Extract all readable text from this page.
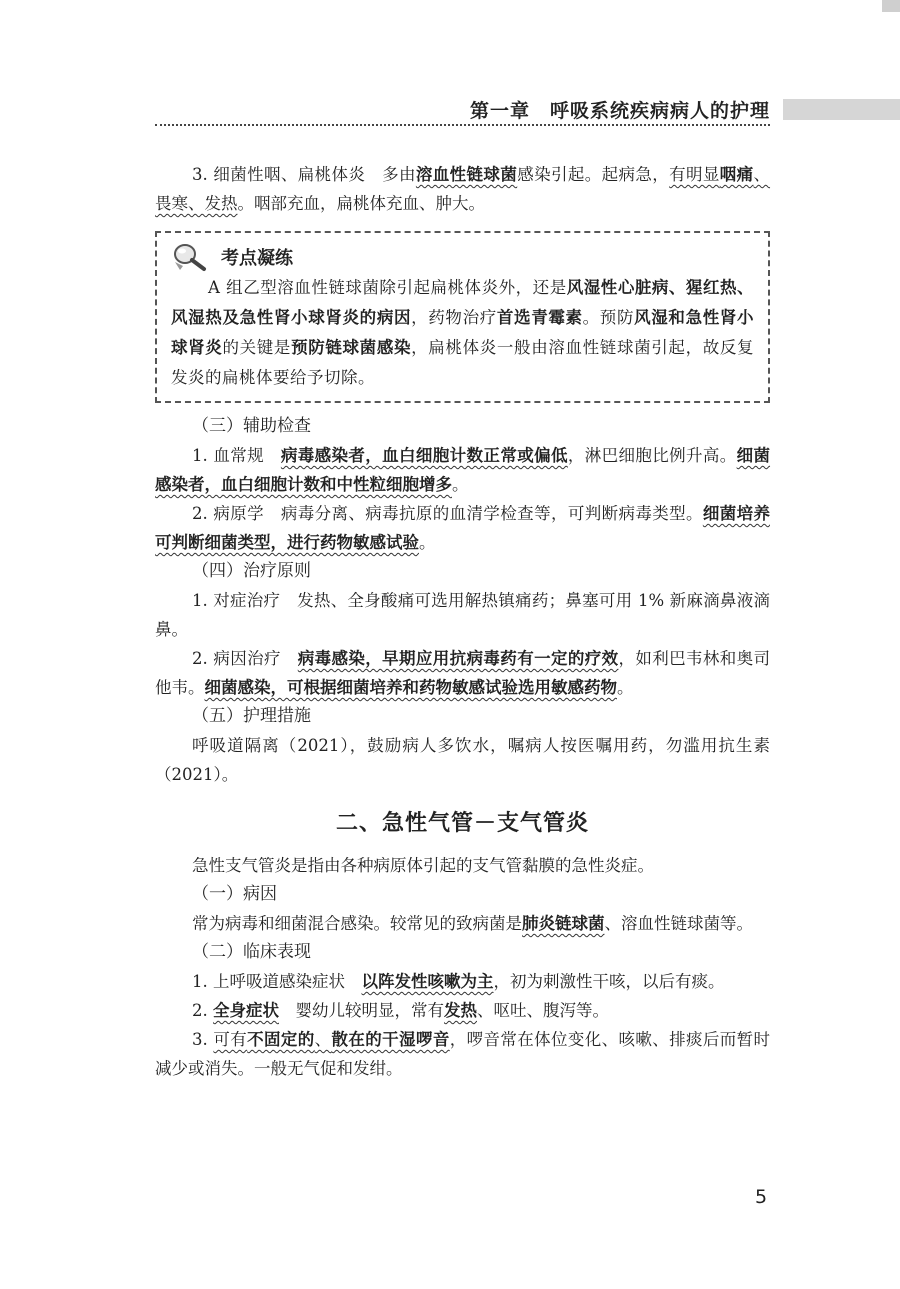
第一章　呼吸系统疾病病人的护理

3. 细菌性咽、扁桃体炎　多由溶血性链球菌感染引起。起病急，有明显咽痛、畏寒、发热。咽部充血，扁桃体充血、肿大。

考点凝练

A 组乙型溶血性链球菌除引起扁桃体炎外，还是风湿性心脏病、猩红热、风湿热及急性肾小球肾炎的病因，药物治疗首选青霉素。预防风湿和急性肾小球肾炎的关键是预防链球菌感染，扁桃体炎一般由溶血性链球菌引起，故反复发炎的扁桃体要给予切除。

（三）辅助检查

1. 血常规　病毒感染者，血白细胞计数正常或偏低，淋巴细胞比例升高。细菌感染者，血白细胞计数和中性粒细胞增多。

2. 病原学　病毒分离、病毒抗原的血清学检查等，可判断病毒类型。细菌培养可判断细菌类型，进行药物敏感试验。

（四）治疗原则

1. 对症治疗　发热、全身酸痛可选用解热镇痛药；鼻塞可用 1% 新麻滴鼻液滴鼻。

2. 病因治疗　病毒感染，早期应用抗病毒药有一定的疗效，如利巴韦林和奥司他韦。细菌感染，可根据细菌培养和药物敏感试验选用敏感药物。

（五）护理措施

呼吸道隔离（2021），鼓励病人多饮水，嘱病人按医嘱用药，勿滥用抗生素（2021）。

二、急性气管－支气管炎

急性支气管炎是指由各种病原体引起的支气管黏膜的急性炎症。

（一）病因

常为病毒和细菌混合感染。较常见的致病菌是肺炎链球菌、溶血性链球菌等。

（二）临床表现

1. 上呼吸道感染症状　以阵发性咳嗽为主，初为刺激性干咳，以后有痰。

2. 全身症状　婴幼儿较明显，常有发热、呕吐、腹泻等。

3. 可有不固定的、散在的干湿啰音，啰音常在体位变化、咳嗽、排痰后而暂时减少或消失。一般无气促和发绀。

5
